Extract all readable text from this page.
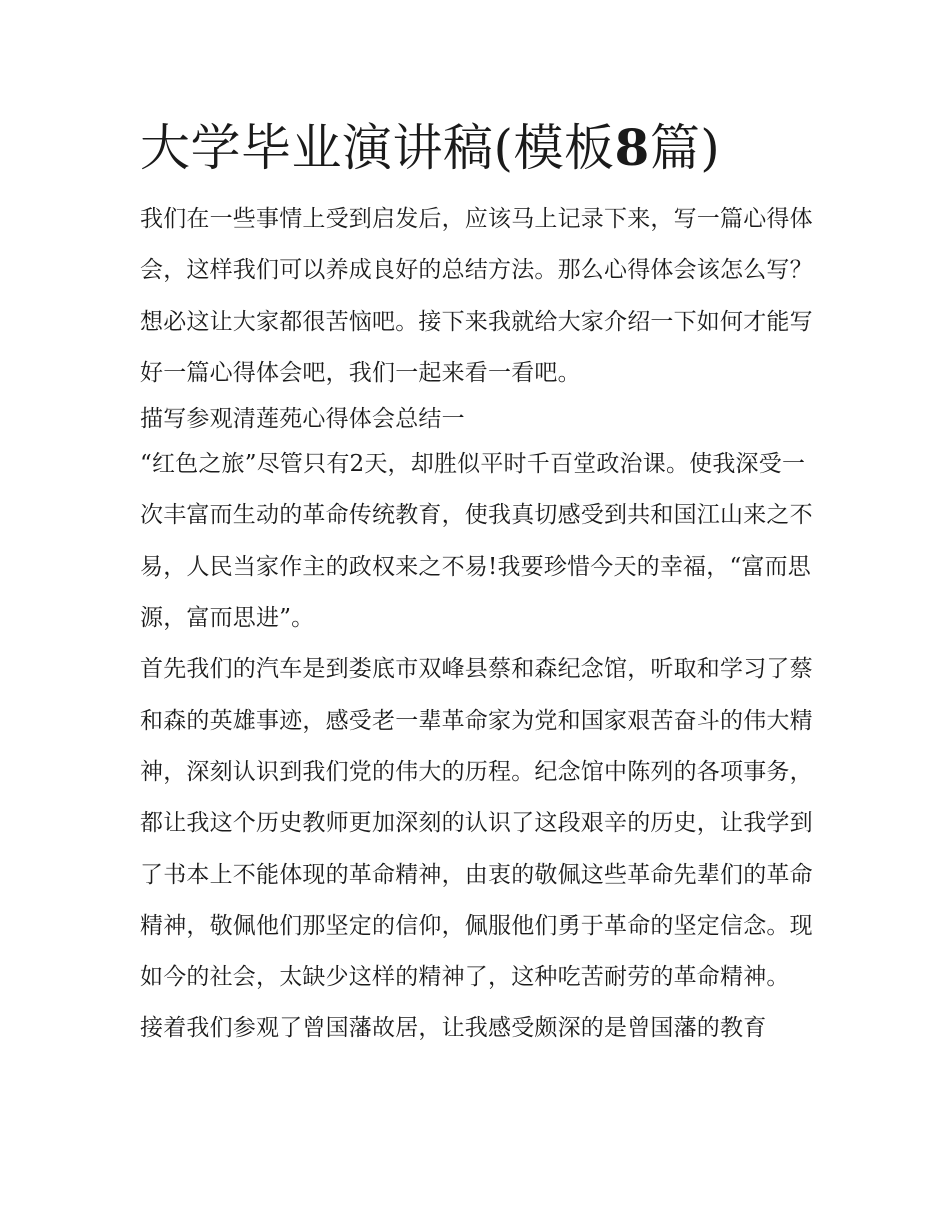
大学毕业演讲稿(模板8篇)

我们在一些事情上受到启发后，应该马上记录下来，写一篇心得体会，这样我们可以养成良好的总结方法。那么心得体会该怎么写？想必这让大家都很苦恼吧。接下来我就给大家介绍一下如何才能写好一篇心得体会吧，我们一起来看一看吧。

描写参观清莲苑心得体会总结一

“红色之旅”尽管只有2天，却胜似平时千百堂政治课。使我深受一次丰富而生动的革命传统教育，使我真切感受到共和国江山来之不易，人民当家作主的政权来之不易!我要珍惜今天的幸福，“富而思源，富而思进”。

首先我们的汽车是到娄底市双峰县蔡和森纪念馆，听取和学习了蔡和森的英雄事迹，感受老一辈革命家为党和国家艰苦奋斗的伟大精神，深刻认识到我们党的伟大的历程。纪念馆中陈列的各项事务，都让我这个历史教师更加深刻的认识了这段艰辛的历史，让我学到了书本上不能体现的革命精神，由衷的敬佩这些革命先辈们的革命精神，敬佩他们那坚定的信仰，佩服他们勇于革命的坚定信念。现如今的社会，太缺少这样的精神了，这种吃苦耐劳的革命精神。

接着我们参观了曾国藩故居，让我感受颇深的是曾国藩的教育
